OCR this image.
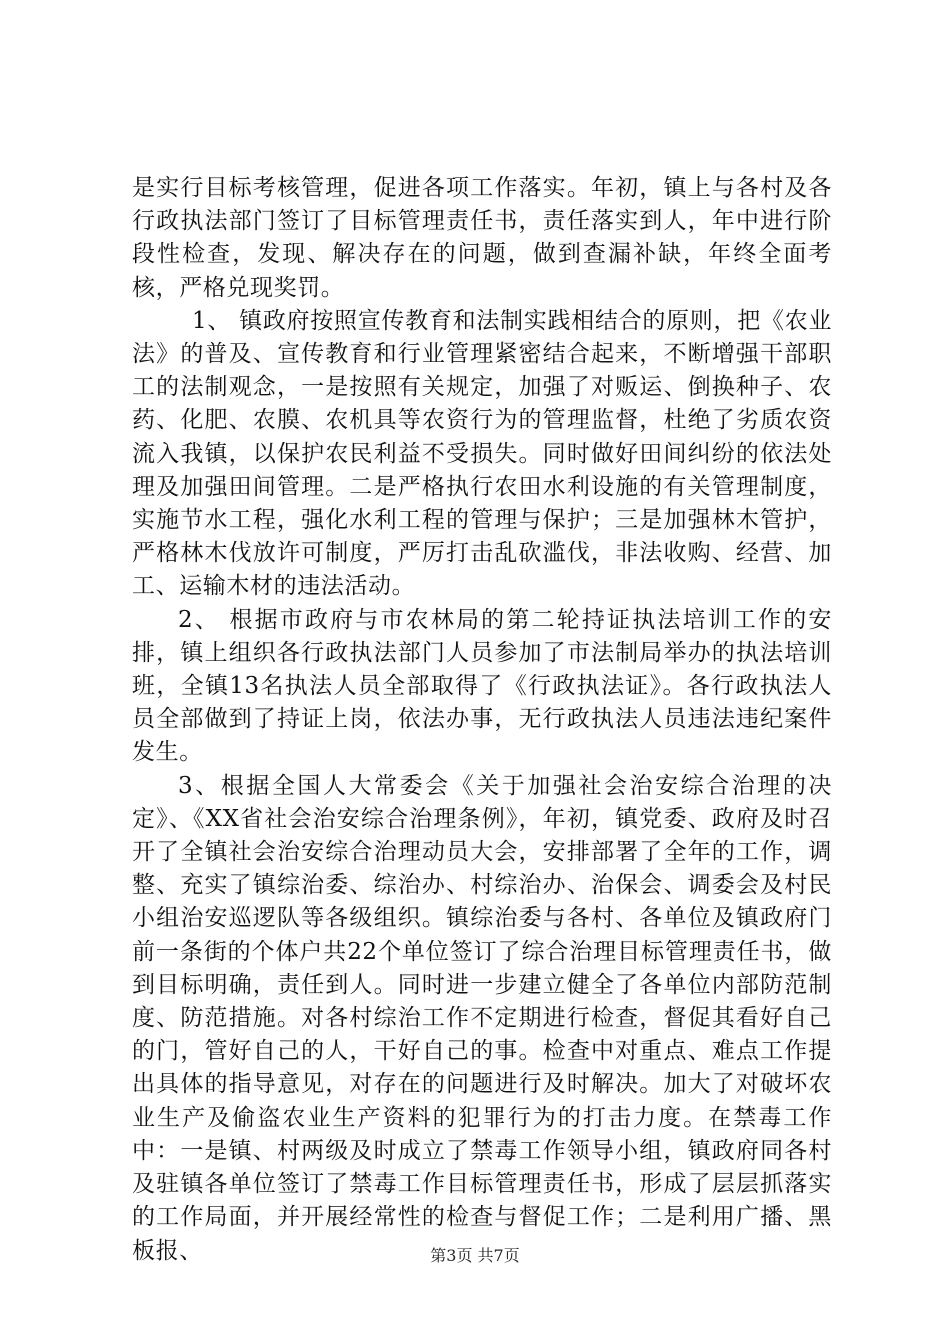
是实行目标考核管理，促进各项工作落实。年初，镇上与各村及各行政执法部门签订了目标管理责任书，责任落实到人，年中进行阶段性检查，发现、解决存在的问题，做到查漏补缺，年终全面考核，严格兑现奖罚。

1、 镇政府按照宣传教育和法制实践相结合的原则，把《农业法》的普及、宣传教育和行业管理紧密结合起来，不断增强干部职工的法制观念，一是按照有关规定，加强了对贩运、倒换种子、农药、化肥、农膜、农机具等农资行为的管理监督，杜绝了劣质农资流入我镇，以保护农民利益不受损失。同时做好田间纠纷的依法处理及加强田间管理。二是严格执行农田水利设施的有关管理制度，实施节水工程，强化水利工程的管理与保护；三是加强林木管护，严格林木伐放许可制度，严厉打击乱砍滥伐，非法收购、经营、加工、运输木材的违法活动。

2、 根据市政府与市农林局的第二轮持证执法培训工作的安排，镇上组织各行政执法部门人员参加了市法制局举办的执法培训班，全镇13名执法人员全部取得了《行政执法证》。各行政执法人员全部做到了持证上岗，依法办事，无行政执法人员违法违纪案件发生。

3、根据全国人大常委会《关于加强社会治安综合治理的决定》、《XX省社会治安综合治理条例》，年初，镇党委、政府及时召开了全镇社会治安综合治理动员大会，安排部署了全年的工作，调整、充实了镇综治委、综治办、村综治办、治保会、调委会及村民小组治安巡逻队等各级组织。镇综治委与各村、各单位及镇政府门前一条街的个体户共22个单位签订了综合治理目标管理责任书，做到目标明确，责任到人。同时进一步建立健全了各单位内部防范制度、防范措施。对各村综治工作不定期进行检查，督促其看好自己的门，管好自己的人，干好自己的事。检查中对重点、难点工作提出具体的指导意见，对存在的问题进行及时解决。加大了对破坏农业生产及偷盗农业生产资料的犯罪行为的打击力度。在禁毒工作中：一是镇、村两级及时成立了禁毒工作领导小组，镇政府同各村及驻镇各单位签订了禁毒工作目标管理责任书，形成了层层抓落实的工作局面，并开展经常性的检查与督促工作；二是利用广播、黑板报、	第3页 共7页
